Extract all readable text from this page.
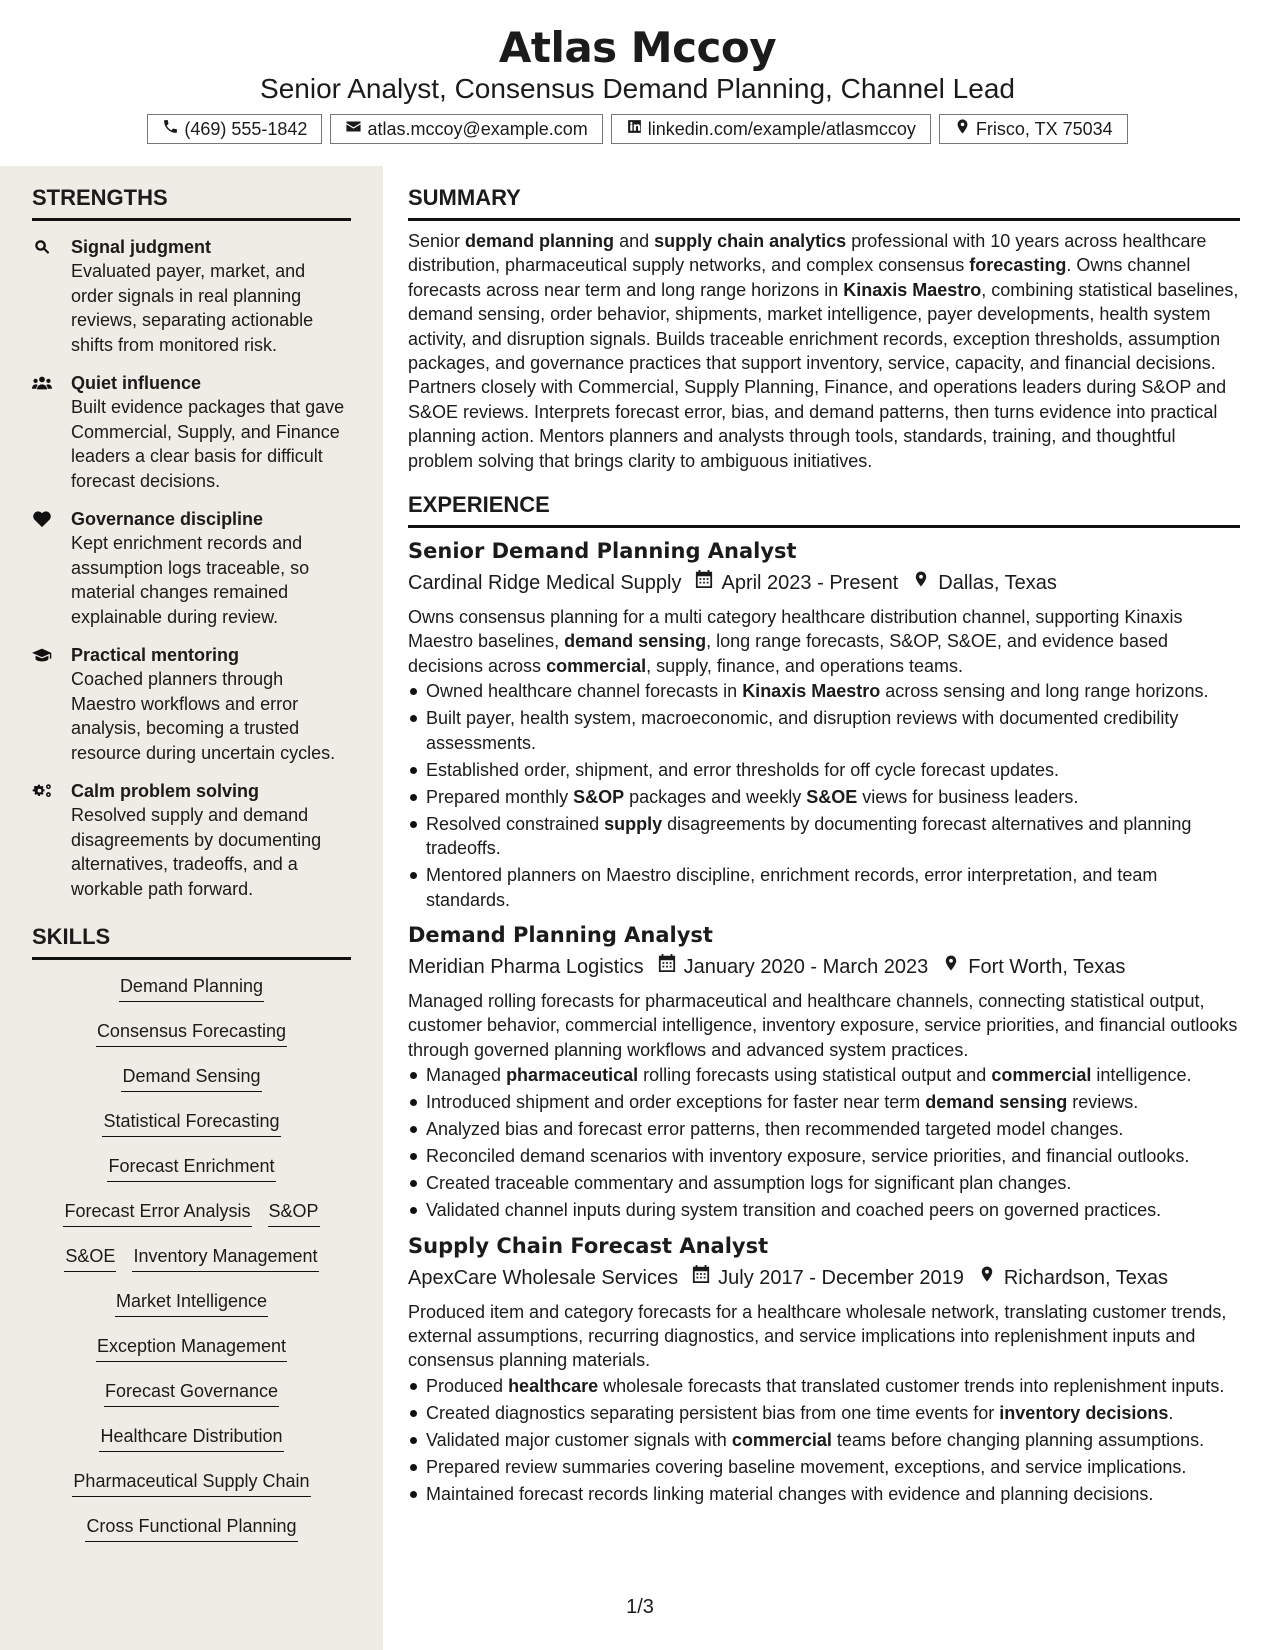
Atlas Mccoy
Senior Analyst, Consensus Demand Planning, Channel Lead
(469) 555-1842	atlas.mccoy@example.com	linkedin.com/example/atlasmccoy	Frisco, TX 75034
STRENGTHS
Signal judgment
Evaluated payer, market, and order signals in real planning reviews, separating actionable shifts from monitored risk.
Quiet influence
Built evidence packages that gave Commercial, Supply, and Finance leaders a clear basis for difficult forecast decisions.
Governance discipline
Kept enrichment records and assumption logs traceable, so material changes remained explainable during review.
Practical mentoring
Coached planners through Maestro workflows and error analysis, becoming a trusted resource during uncertain cycles.
Calm problem solving
Resolved supply and demand disagreements by documenting alternatives, tradeoffs, and a workable path forward.
SKILLS
Demand Planning
Consensus Forecasting
Demand Sensing
Statistical Forecasting
Forecast Enrichment
Forecast Error Analysis S&OP
S&OE Inventory Management
Market Intelligence
Exception Management
Forecast Governance
Healthcare Distribution
Pharmaceutical Supply Chain
Cross Functional Planning
SUMMARY
Senior demand planning and supply chain analytics professional with 10 years across healthcare distribution, pharmaceutical supply networks, and complex consensus forecasting. Owns channel forecasts across near term and long range horizons in Kinaxis Maestro, combining statistical baselines, demand sensing, order behavior, shipments, market intelligence, payer developments, health system activity, and disruption signals. Builds traceable enrichment records, exception thresholds, assumption packages, and governance practices that support inventory, service, capacity, and financial decisions. Partners closely with Commercial, Supply Planning, Finance, and operations leaders during S&OP and S&OE reviews. Interprets forecast error, bias, and demand patterns, then turns evidence into practical planning action. Mentors planners and analysts through tools, standards, training, and thoughtful problem solving that brings clarity to ambiguous initiatives.
EXPERIENCE
Senior Demand Planning Analyst
Cardinal Ridge Medical Supply April 2023 - Present Dallas, Texas
Owns consensus planning for a multi category healthcare distribution channel, supporting Kinaxis Maestro baselines, demand sensing, long range forecasts, S&OP, S&OE, and evidence based decisions across commercial, supply, finance, and operations teams.
Owned healthcare channel forecasts in Kinaxis Maestro across sensing and long range horizons.
Built payer, health system, macroeconomic, and disruption reviews with documented credibility assessments.
Established order, shipment, and error thresholds for off cycle forecast updates.
Prepared monthly S&OP packages and weekly S&OE views for business leaders.
Resolved constrained supply disagreements by documenting forecast alternatives and planning tradeoffs.
Mentored planners on Maestro discipline, enrichment records, error interpretation, and team standards.
Demand Planning Analyst
Meridian Pharma Logistics January 2020 - March 2023 Fort Worth, Texas
Managed rolling forecasts for pharmaceutical and healthcare channels, connecting statistical output, customer behavior, commercial intelligence, inventory exposure, service priorities, and financial outlooks through governed planning workflows and advanced system practices.
Managed pharmaceutical rolling forecasts using statistical output and commercial intelligence.
Introduced shipment and order exceptions for faster near term demand sensing reviews.
Analyzed bias and forecast error patterns, then recommended targeted model changes.
Reconciled demand scenarios with inventory exposure, service priorities, and financial outlooks.
Created traceable commentary and assumption logs for significant plan changes.
Validated channel inputs during system transition and coached peers on governed practices.
Supply Chain Forecast Analyst
ApexCare Wholesale Services July 2017 - December 2019 Richardson, Texas
Produced item and category forecasts for a healthcare wholesale network, translating customer trends, external assumptions, recurring diagnostics, and service implications into replenishment inputs and consensus planning materials.
Produced healthcare wholesale forecasts that translated customer trends into replenishment inputs.
Created diagnostics separating persistent bias from one time events for inventory decisions.
Validated major customer signals with commercial teams before changing planning assumptions.
Prepared review summaries covering baseline movement, exceptions, and service implications.
Maintained forecast records linking material changes with evidence and planning decisions.
1/3
